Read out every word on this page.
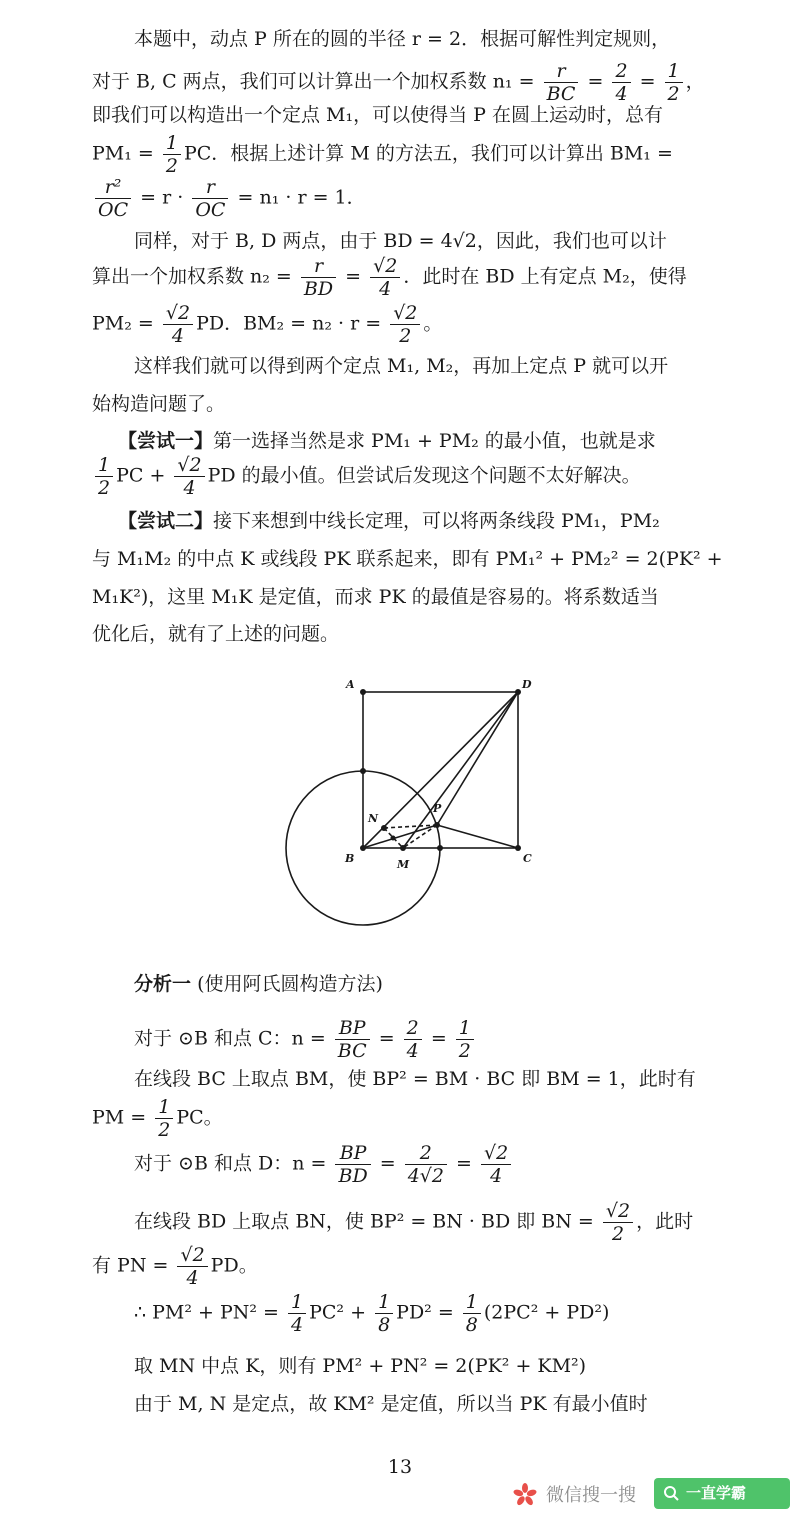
本题中，动点 P 所在的圆的半径 r = 2．根据可解性判定规则，
对于 B, C 两点，我们可以计算出一个加权系数 $n_1 = \frac{r}{BC} = \frac{2}{4} = \frac{1}{2}$ ，
即我们可以构造出一个定点 M₁，可以使得当 P 在圆上运动时，总有
$PM_1 = \frac{1}{2}$ PC．根据上述计算 M 的方法五，我们可以计算出 BM₁ =
$\frac{\text{r²}}{OC} = r \cdot \frac{r}{OC} = n_1 \cdot r = 1$．
同样，对于 B, D 两点，由于 BD = 4√2，因此，我们也可以计
算出一个加权系数 $n_2 = \frac{r}{BD} = \frac{√2}{4}$ ．此时在 BD 上有定点 M₂，使得
$PM_2 = \frac{√2}{4}$ PD．$BM_2 = n_2 \cdot r = \frac{√2}{2}$ 。
这样我们就可以得到两个定点 M₁, M₂，再加上定点 P 就可以开
始构造问题了。
【尝试一】第一选择当然是求 PM₁ + PM₂ 的最小值，也就是求
$\frac{1}{2}$ PC + $\frac{√2}{4}$ PD 的最小值。但尝试后发现这个问题不太好解决。
【尝试二】接下来想到中线长定理，可以将两条线段 PM₁，PM₂
与 M₁M₂ 的中点 K 或线段 PK 联系起来，即有 PM₁² + PM₂² = 2(PK² +
M₁K²)，这里 M₁K 是定值，而求 PK 的最值是容易的。将系数适当
优化后，就有了上述的问题。
A	D
N
P
B	M	C
分析一 (使用阿氏圆构造方法)
对于 ⊙B 和点 C：$n = \frac{BP}{BC} = \frac{2}{4} = \frac{1}{2}$
在线段 BC 上取点 BM，使 BP² = BM · BC 即 BM = 1，此时有
PM = $\frac{1}{2}$ PC。
对于 ⊙B 和点 D：$n = \frac{BP}{BD} = \frac{2}{4√2} = \frac{√2}{4}$
在线段 BD 上取点 BN，使 BP² = BN · BD 即 BN = $\frac{√2}{2}$ ，此时
有 PN = $\frac{√2}{4}$ PD。
∴ $PM^2 + PN^2 = \frac{1}{4} PC^2 + \frac{1}{8} PD^2 = \frac{1}{8} (2PC^2 + PD^2)$
取 MN 中点 K，则有 PM² + PN² = 2(PK² + KM²)
由于 M, N 是定点，故 KM² 是定值，所以当 PK 有最小值时
13
微信搜一搜	一直学霸
